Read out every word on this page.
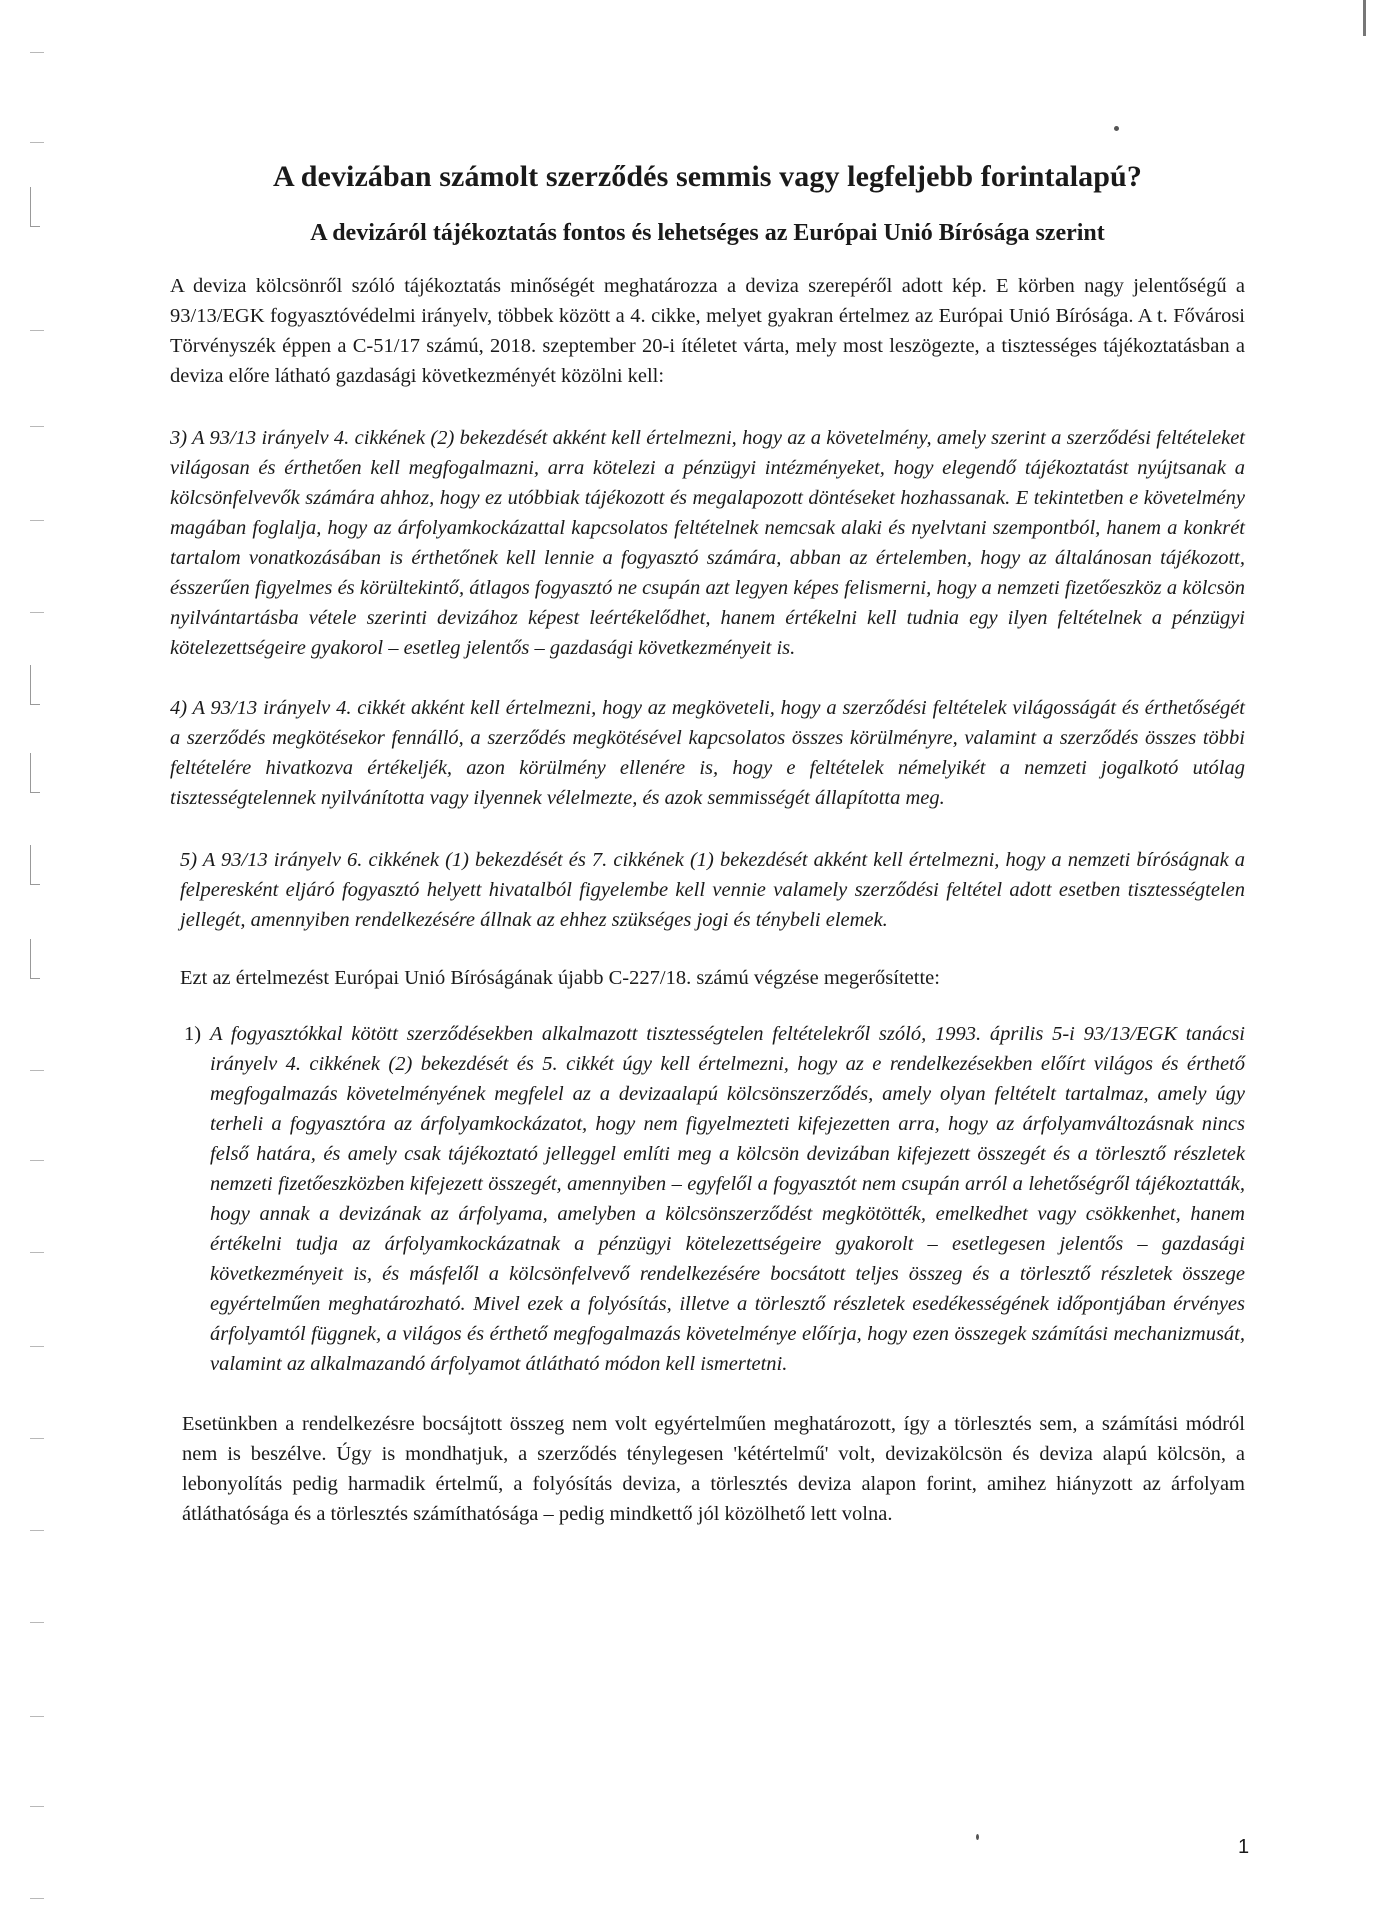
A devizában számolt szerződés semmis vagy legfeljebb forintalapú?
A devizáról tájékoztatás fontos és lehetséges az Európai Unió Bírósága szerint

A deviza kölcsönről szóló tájékoztatás minőségét meghatározza a deviza szerepéről adott kép. E körben nagy jelentőségű a 93/13/EGK fogyasztóvédelmi irányelv, többek között a 4. cikke, melyet gyakran értelmez az Európai Unió Bírósága. A t. Fővárosi Törvényszék éppen a C-51/17 számú, 2018. szeptember 20-i ítéletet várta, mely most leszögezte, a tisztességes tájékoztatásban a deviza előre látható gazdasági következményét közölni kell:

3) A 93/13 irányelv 4. cikkének (2) bekezdését akként kell értelmezni, hogy az a követelmény, amely szerint a szerződési feltételeket világosan és érthetően kell megfogalmazni, arra kötelezi a pénzügyi intézményeket, hogy elegendő tájékoztatást nyújtsanak a kölcsönfelvevők számára ahhoz, hogy ez utóbbiak tájékozott és megalapozott döntéseket hozhassanak. E tekintetben e követelmény magában foglalja, hogy az árfolyamkockázattal kapcsolatos feltételnek nemcsak alaki és nyelvtani szempontból, hanem a konkrét tartalom vonatkozásában is érthetőnek kell lennie a fogyasztó számára, abban az értelemben, hogy az általánosan tájékozott, ésszerűen figyelmes és körültekintő, átlagos fogyasztó ne csupán azt legyen képes felismerni, hogy a nemzeti fizetőeszköz a kölcsön nyilvántartásba vétele szerinti devizához képest leértékelődhet, hanem értékelni kell tudnia egy ilyen feltételnek a pénzügyi kötelezettségeire gyakorol – esetleg jelentős – gazdasági következményeit is.

4) A 93/13 irányelv 4. cikkét akként kell értelmezni, hogy az megköveteli, hogy a szerződési feltételek világosságát és érthetőségét a szerződés megkötésekor fennálló, a szerződés megkötésével kapcsolatos összes körülményre, valamint a szerződés összes többi feltételére hivatkozva értékeljék, azon körülmény ellenére is, hogy e feltételek némelyikét a nemzeti jogalkotó utólag tisztességtelennek nyilvánította vagy ilyennek vélelmezte, és azok semmisségét állapította meg.

5) A 93/13 irányelv 6. cikkének (1) bekezdését és 7. cikkének (1) bekezdését akként kell értelmezni, hogy a nemzeti bíróságnak a felperesként eljáró fogyasztó helyett hivatalból figyelembe kell vennie valamely szerződési feltétel adott esetben tisztességtelen jellegét, amennyiben rendelkezésére állnak az ehhez szükséges jogi és ténybeli elemek.

Ezt az értelmezést Európai Unió Bíróságának újabb C-227/18. számú végzése megerősítette:

1) A fogyasztókkal kötött szerződésekben alkalmazott tisztességtelen feltételekről szóló, 1993. április 5-i 93/13/EGK tanácsi irányelv 4. cikkének (2) bekezdését és 5. cikkét úgy kell értelmezni, hogy az e rendelkezésekben előírt világos és érthető megfogalmazás követelményének megfelel az a devizaalapú kölcsönszerződés, amely olyan feltételt tartalmaz, amely úgy terheli a fogyasztóra az árfolyamkockázatot, hogy nem figyelmezteti kifejezetten arra, hogy az árfolyamváltozásnak nincs felső határa, és amely csak tájékoztató jelleggel említi meg a kölcsön devizában kifejezett összegét és a törlesztő részletek nemzeti fizetőeszközben kifejezett összegét, amennyiben – egyfelől a fogyasztót nem csupán arról a lehetőségről tájékoztatták, hogy annak a devizának az árfolyama, amelyben a kölcsönszerződést megkötötték, emelkedhet vagy csökkenhet, hanem értékelni tudja az árfolyamkockázatnak a pénzügyi kötelezettségeire gyakorolt – esetlegesen jelentős – gazdasági következményeit is, és másfelől a kölcsönfelvevő rendelkezésére bocsátott teljes összeg és a törlesztő részletek összege egyértelműen meghatározható. Mivel ezek a folyósítás, illetve a törlesztő részletek esedékességének időpontjában érvényes árfolyamtól függnek, a világos és érthető megfogalmazás követelménye előírja, hogy ezen összegek számítási mechanizmusát, valamint az alkalmazandó árfolyamot átlátható módon kell ismertetni.

Esetünkben a rendelkezésre bocsájtott összeg nem volt egyértelműen meghatározott, így a törlesztés sem, a számítási módról nem is beszélve. Úgy is mondhatjuk, a szerződés ténylegesen 'kétértelmű' volt, devizakölcsön és deviza alapú kölcsön, a lebonyolítás pedig harmadik értelmű, a folyósítás deviza, a törlesztés deviza alapon forint, amihez hiányzott az árfolyam átláthatósága és a törlesztés számíthatósága – pedig mindkettő jól közölhető lett volna.

1
